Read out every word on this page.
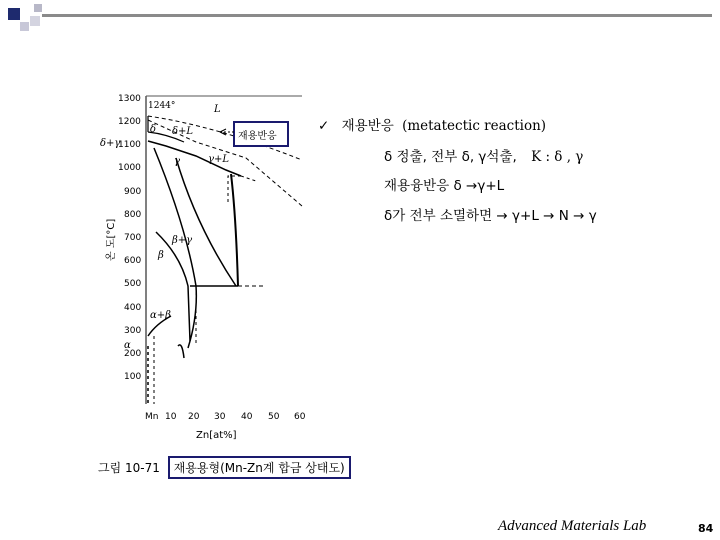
1300
1200
1100
1000
900
800
700
600
500
400
300
200
100
Mn 10 20 30 40 50 60
온 도[°C]
1244°	L
δ+γ
δ δ+L
γ	γ+L
β+γ
β
α+β
α
재용반응
Zn[at%]
그림 10-71 재용용형(Mn-Zn계 합금 상태도)
✓ 재용반응 (metatectic reaction)
δ 정출, 전부 δ, γ석출, K : δ , γ
재용융반응 δ →γ+L
δ가 전부 소멸하면 → γ+L → N → γ
Advanced Materials Lab	84
